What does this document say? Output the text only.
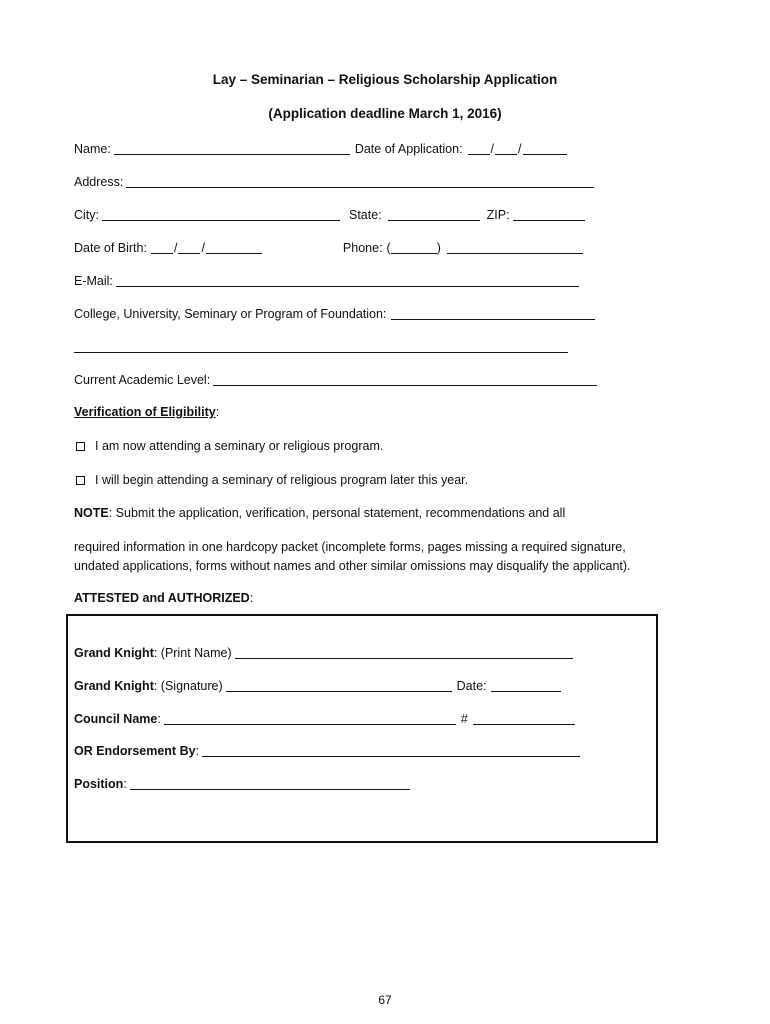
Lay – Seminarian – Religious Scholarship Application
(Application deadline March 1, 2016)
Name:	Date of Application: / /
Address:
City:	State:	ZIP:
Date of Birth: / /	Phone: (	)
E-Mail:
College, University, Seminary or Program of Foundation:
Current Academic Level:
Verification of Eligibility :
I am now attending a seminary or religious program.
I will begin attending a seminary of religious program later this year.
NOTE : Submit the application, verification, personal statement, recommendations and all
required information in one hardcopy packet (incomplete forms, pages missing a required signature,
undated applications, forms without names and other similar omissions may disqualify the applicant).
ATTESTED and AUTHORIZED :
Grand Knight : (Print Name)
Grand Knight : (Signature)	Date:
Council Name :	#
OR Endorsement By :
Position :
67
